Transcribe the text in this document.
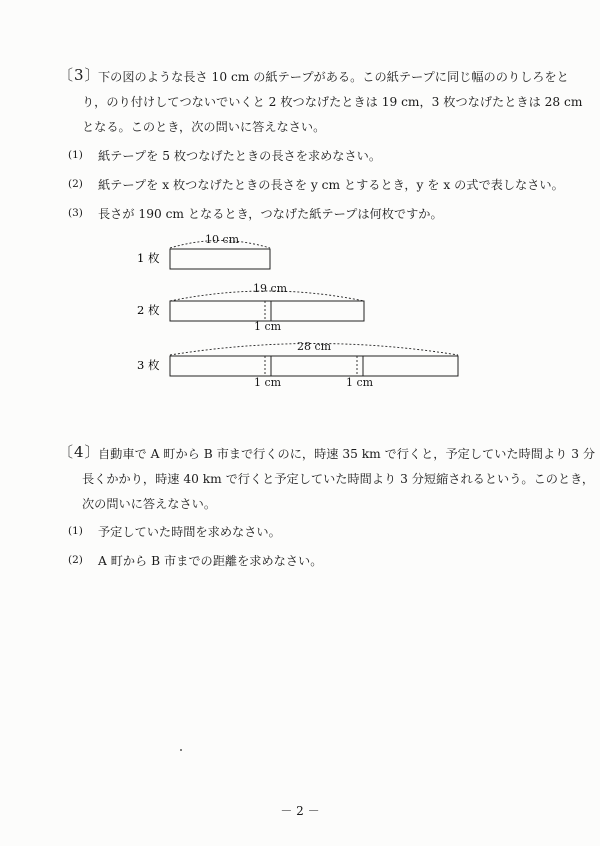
〔3〕
下の図のような長さ 10 cm の紙テープがある。この紙テープに同じ幅ののりしろをと
り，のり付けしてつないでいくと 2 枚つなげたときは 19 cm，3 枚つなげたときは 28 cm
となる。このとき，次の問いに答えなさい。
(1) 紙テープを 5 枚つなげたときの長さを求めなさい。
(2) 紙テープを x 枚つなげたときの長さを y cm とするとき，y を x の式で表しなさい。
(3) 長さが 190 cm となるとき，つなげた紙テープは何枚ですか。
1 枚
10 cm
2 枚
19 cm
1 cm
3 枚
28 cm
1 cm	1 cm
〔4〕
自動車で A 町から B 市まで行くのに，時速 35 km で行くと，予定していた時間より 3 分
長くかかり，時速 40 km で行くと予定していた時間より 3 分短縮されるという。このとき，
次の問いに答えなさい。
(1) 予定していた時間を求めなさい。
(2) A 町から B 市までの距離を求めなさい。
－ 2 －
